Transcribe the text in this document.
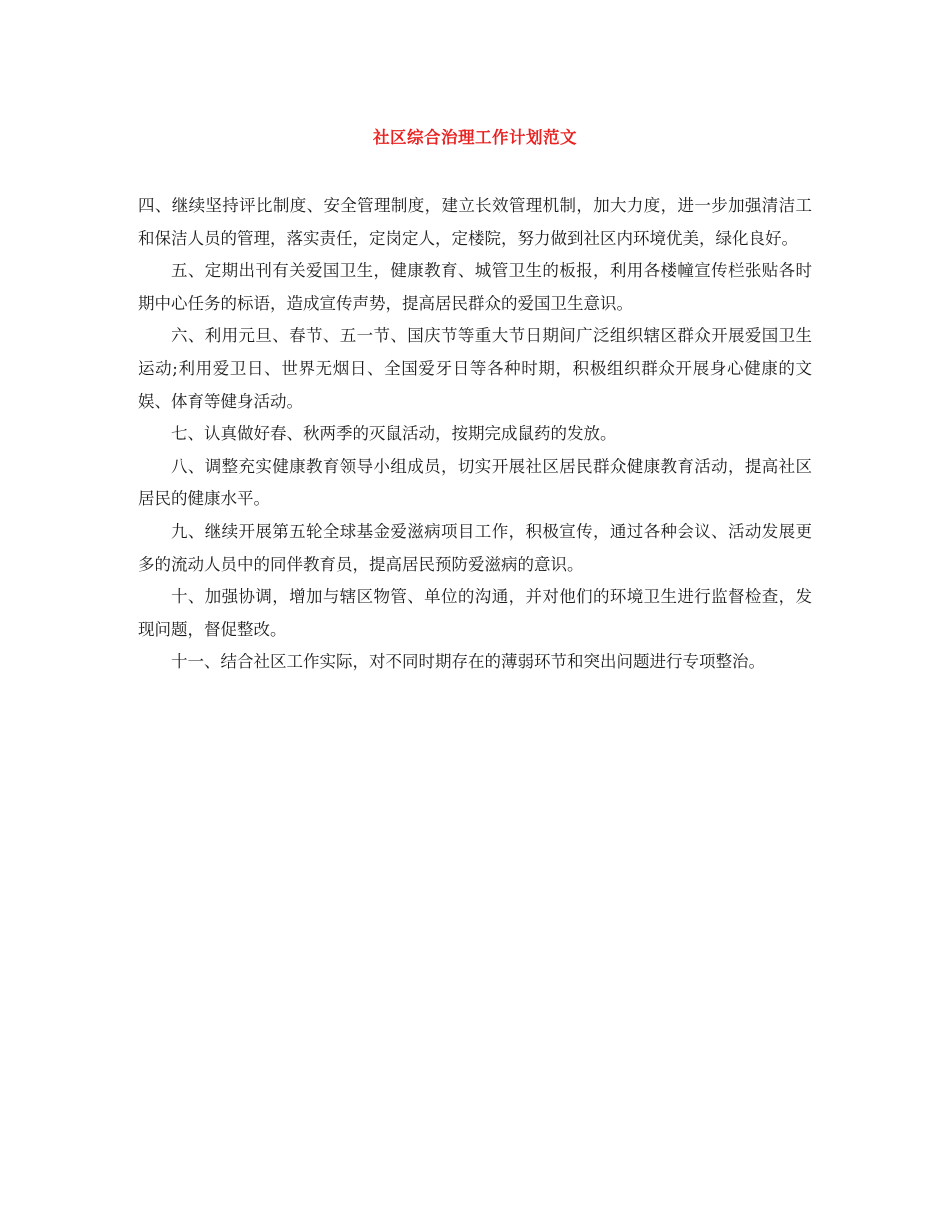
社区综合治理工作计划范文

四、继续坚持评比制度、安全管理制度，建立长效管理机制，加大力度，进一步加强清洁工和保洁人员的管理，落实责任，定岗定人，定楼院，努力做到社区内环境优美，绿化良好。

五、定期出刊有关爱国卫生，健康教育、城管卫生的板报，利用各楼幢宣传栏张贴各时期中心任务的标语，造成宣传声势，提高居民群众的爱国卫生意识。

六、利用元旦、春节、五一节、国庆节等重大节日期间广泛组织辖区群众开展爱国卫生运动;利用爱卫日、世界无烟日、全国爱牙日等各种时期，积极组织群众开展身心健康的文娱、体育等健身活动。

七、认真做好春、秋两季的灭鼠活动，按期完成鼠药的发放。

八、调整充实健康教育领导小组成员，切实开展社区居民群众健康教育活动，提高社区居民的健康水平。

九、继续开展第五轮全球基金爱滋病项目工作，积极宣传，通过各种会议、活动发展更多的流动人员中的同伴教育员，提高居民预防爱滋病的意识。

十、加强协调，增加与辖区物管、单位的沟通，并对他们的环境卫生进行监督检查，发现问题，督促整改。

十一、结合社区工作实际，对不同时期存在的薄弱环节和突出问题进行专项整治。
